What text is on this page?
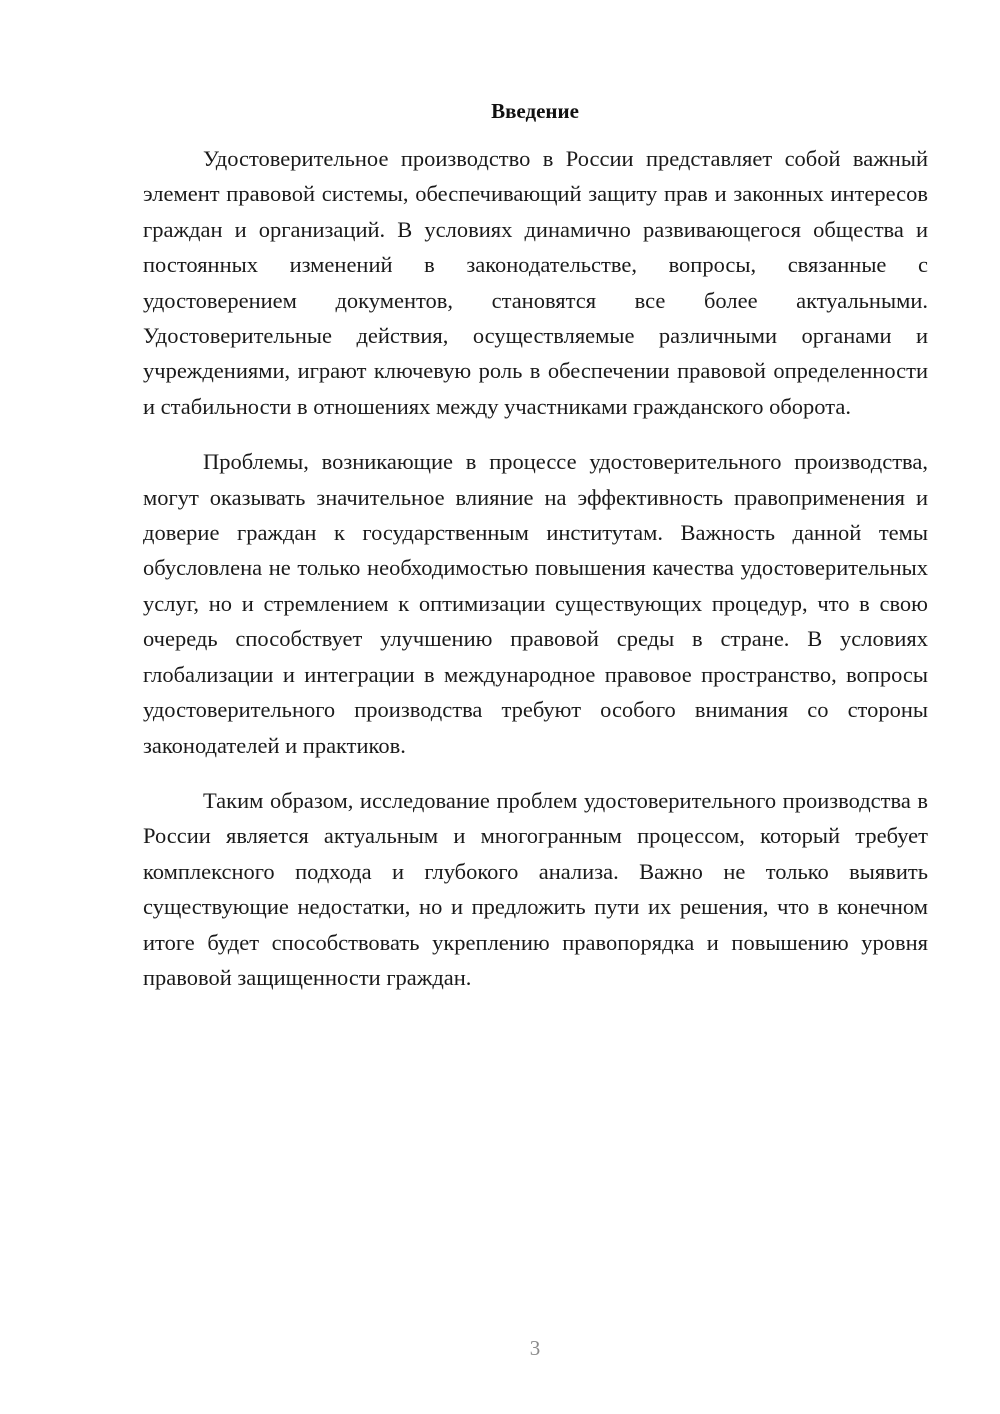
Введение

Удостоверительное производство в России представляет собой важный элемент правовой системы, обеспечивающий защиту прав и законных интересов граждан и организаций. В условиях динамично развивающегося общества и постоянных изменений в законодательстве, вопросы, связанные с удостоверением документов, становятся все более актуальными. Удостоверительные действия, осуществляемые различными органами и учреждениями, играют ключевую роль в обеспечении правовой определенности и стабильности в отношениях между участниками гражданского оборота.

Проблемы, возникающие в процессе удостоверительного производства, могут оказывать значительное влияние на эффективность правоприменения и доверие граждан к государственным институтам. Важность данной темы обусловлена не только необходимостью повышения качества удостоверительных услуг, но и стремлением к оптимизации существующих процедур, что в свою очередь способствует улучшению правовой среды в стране. В условиях глобализации и интеграции в международное правовое пространство, вопросы удостоверительного производства требуют особого внимания со стороны законодателей и практиков.

Таким образом, исследование проблем удостоверительного производства в России является актуальным и многогранным процессом, который требует комплексного подхода и глубокого анализа. Важно не только выявить существующие недостатки, но и предложить пути их решения, что в конечном итоге будет способствовать укреплению правопорядка и повышению уровня правовой защищенности граждан.

3
